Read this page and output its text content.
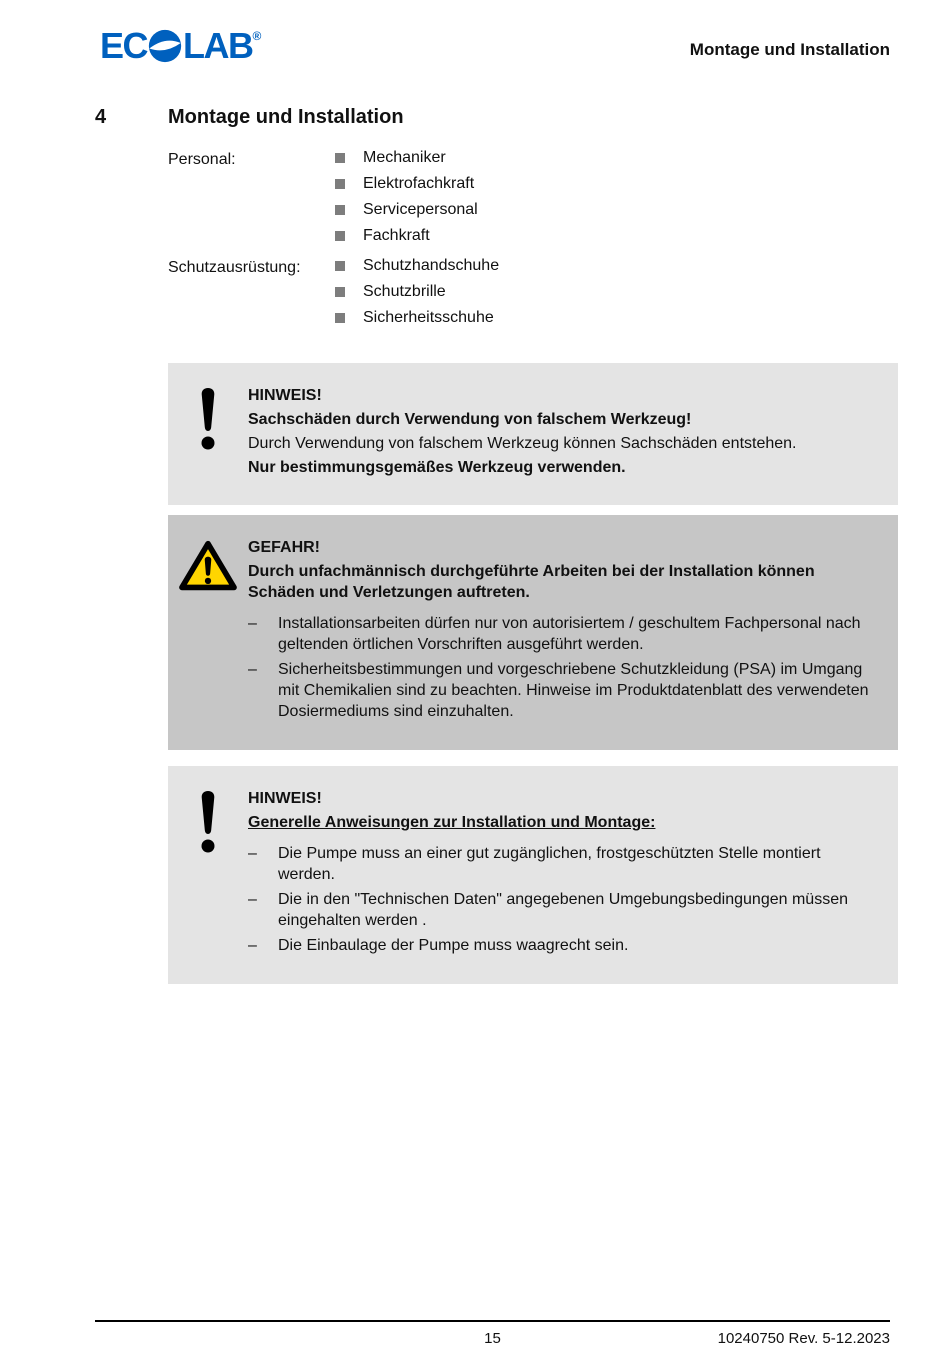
EC LAB ®
Montage und Installation
4	Montage und Installation
Personal:	Mechaniker
Elektrofachkraft
Servicepersonal
Fachkraft
Schutzausrüstung:	Schutzhandschuhe
Schutzbrille
Sicherheitsschuhe

HINWEIS!

Sachschäden durch Verwendung von falschem Werkzeug!

Durch Verwendung von falschem Werkzeug können Sachschäden entstehen.

Nur bestimmungsgemäßes Werkzeug verwenden.

GEFAHR!

Durch unfachmännisch durchgeführte Arbeiten bei der Installation können Schäden und Verletzungen auftreten.

– Installationsarbeiten dürfen nur von autorisiertem / geschultem Fachpersonal nach geltenden örtlichen Vorschriften ausgeführt werden.
– Sicherheitsbestimmungen und vorgeschriebene Schutzkleidung (PSA) im Umgang mit Chemikalien sind zu beachten. Hinweise im Produktdatenblatt des verwendeten Dosiermediums sind einzuhalten.

HINWEIS!

Generelle Anweisungen zur Installation und Montage:

– Die Pumpe muss an einer gut zugänglichen, frostgeschützten Stelle montiert werden.
– Die in den "Technischen Daten" angegebenen Umgebungsbedingungen müssen eingehalten werden .
– Die Einbaulage der Pumpe muss waagrecht sein.
15	10240750 Rev. 5-12.2023
